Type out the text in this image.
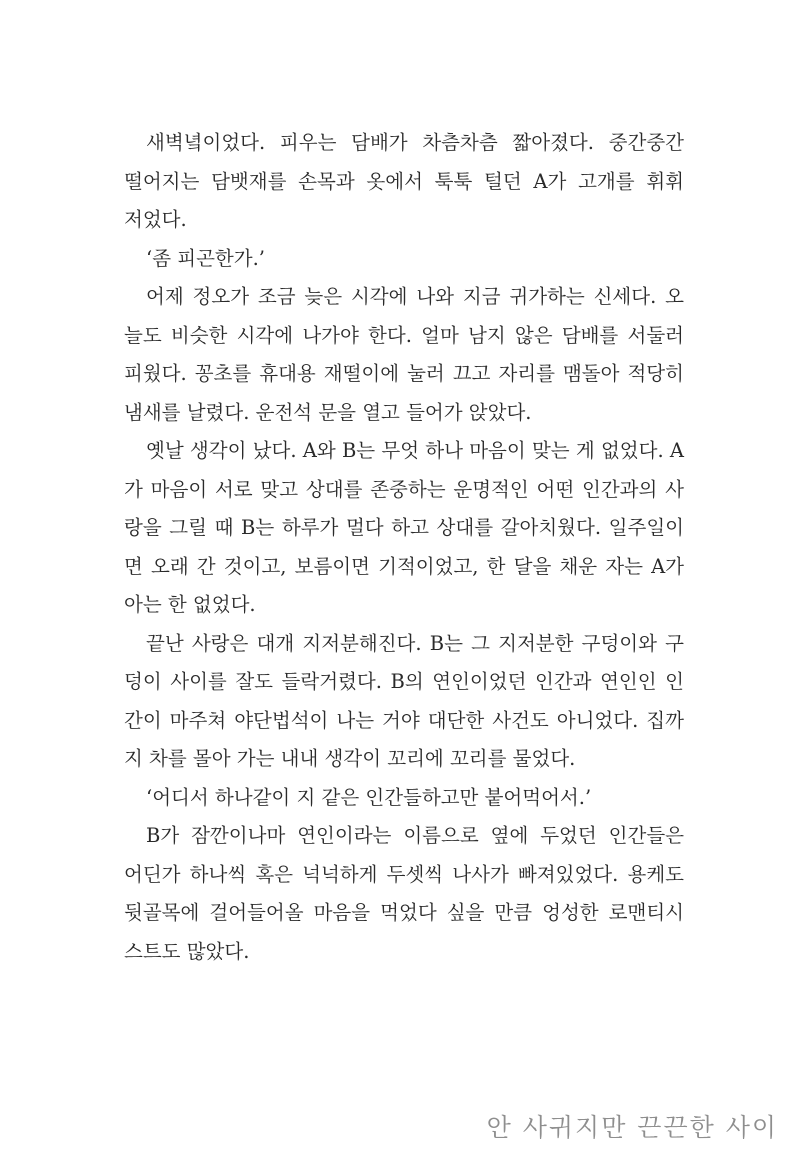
새벽녘이었다. 피우는 담배가 차츰차츰 짧아졌다. 중간중간
떨어지는 담뱃재를 손목과 옷에서 툭툭 털던 A가 고개를 휘휘
저었다.
‘좀 피곤한가.’
어제 정오가 조금 늦은 시각에 나와 지금 귀가하는 신세다. 오
늘도 비슷한 시각에 나가야 한다. 얼마 남지 않은 담배를 서둘러
피웠다. 꽁초를 휴대용 재떨이에 눌러 끄고 자리를 맴돌아 적당히
냄새를 날렸다. 운전석 문을 열고 들어가 앉았다.
옛날 생각이 났다. A와 B는 무엇 하나 마음이 맞는 게 없었다. A
가 마음이 서로 맞고 상대를 존중하는 운명적인 어떤 인간과의 사
랑을 그릴 때 B는 하루가 멀다 하고 상대를 갈아치웠다. 일주일이
면 오래 간 것이고, 보름이면 기적이었고, 한 달을 채운 자는 A가
아는 한 없었다.
끝난 사랑은 대개 지저분해진다. B는 그 지저분한 구덩이와 구
덩이 사이를 잘도 들락거렸다. B의 연인이었던 인간과 연인인 인
간이 마주쳐 야단법석이 나는 거야 대단한 사건도 아니었다. 집까
지 차를 몰아 가는 내내 생각이 꼬리에 꼬리를 물었다.
‘어디서 하나같이 지 같은 인간들하고만 붙어먹어서.’
B가 잠깐이나마 연인이라는 이름으로 옆에 두었던 인간들은
어딘가 하나씩 혹은 넉넉하게 두셋씩 나사가 빠져있었다. 용케도
뒷골목에 걸어들어올 마음을 먹었다 싶을 만큼 엉성한 로맨티시
스트도 많았다.
안 사귀지만 끈끈한 사이
